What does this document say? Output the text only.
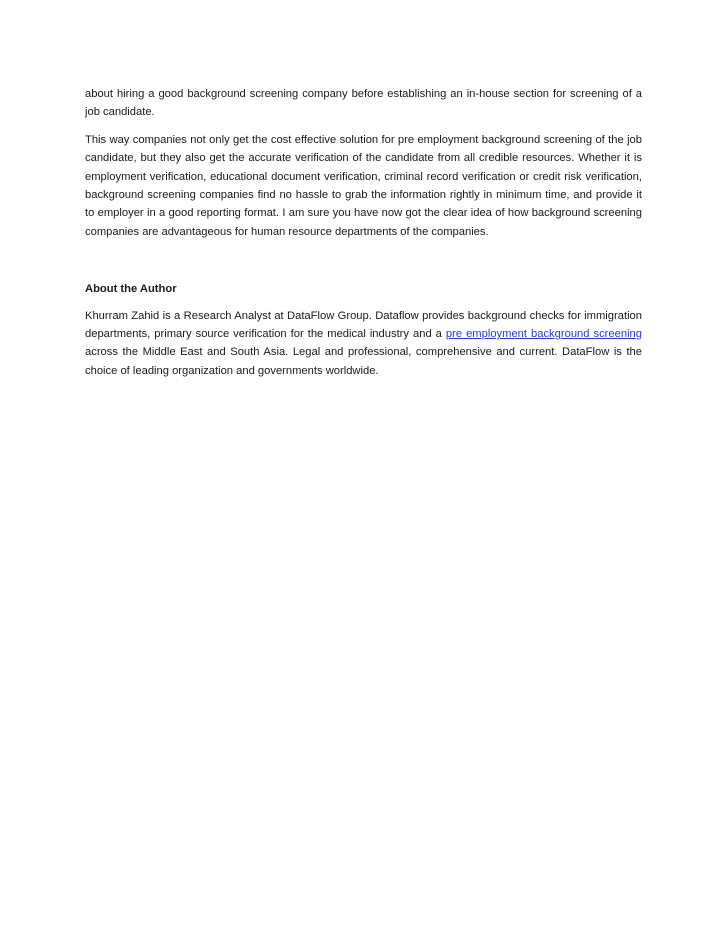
about hiring a good background screening company before establishing an in-house section for screening of a job candidate.

This way companies not only get the cost effective solution for pre employment background screening of the job candidate, but they also get the accurate verification of the candidate from all credible resources. Whether it is employment verification, educational document verification, criminal record verification or credit risk verification, background screening companies find no hassle to grab the information rightly in minimum time, and provide it to employer in a good reporting format. I am sure you have now got the clear idea of how background screening companies are advantageous for human resource departments of the companies.

About the Author

Khurram Zahid is a Research Analyst at DataFlow Group. Dataflow provides background checks for immigration departments, primary source verification for the medical industry and a pre employment background screening across the Middle East and South Asia. Legal and professional, comprehensive and current. DataFlow is the choice of leading organization and governments worldwide.
